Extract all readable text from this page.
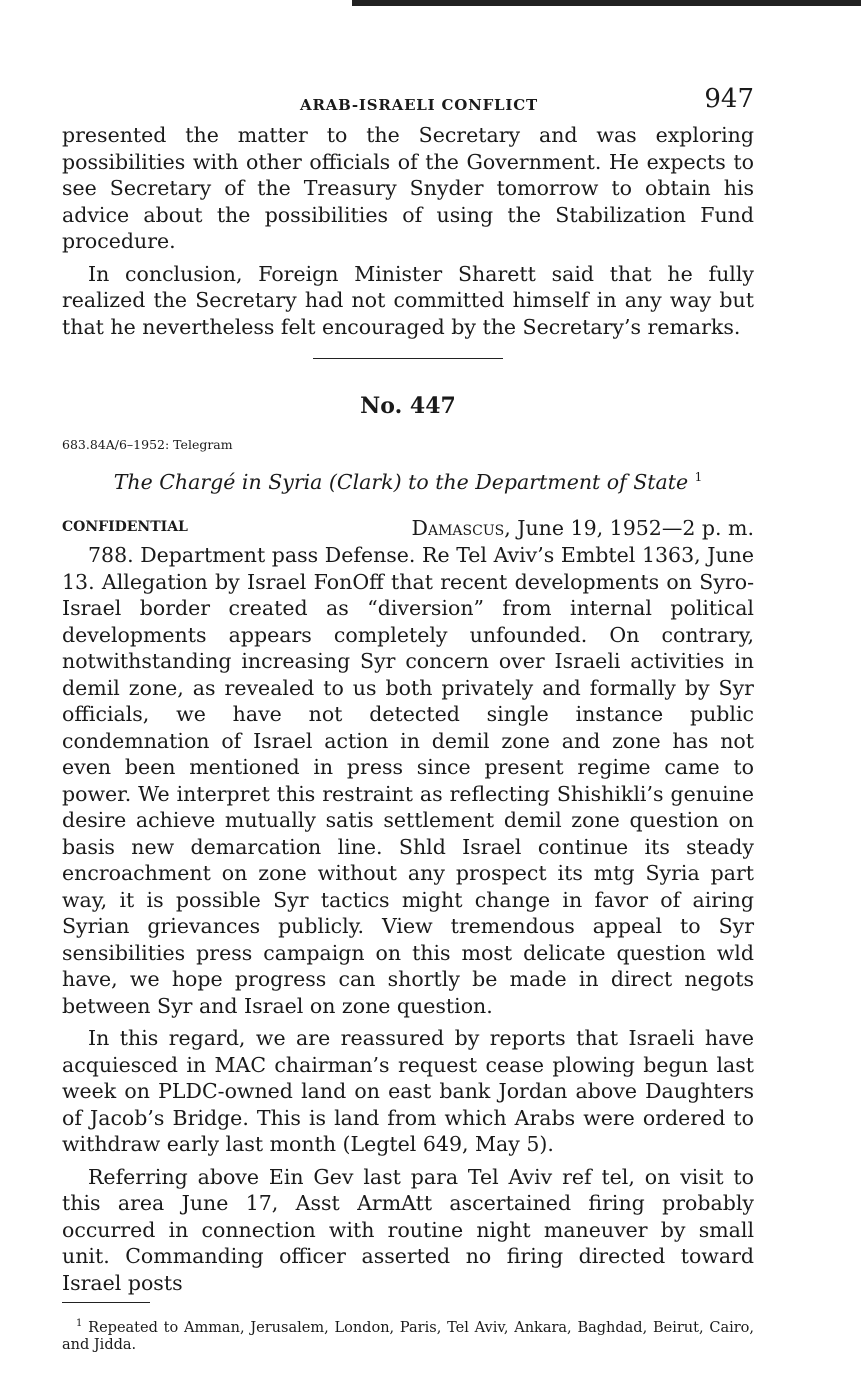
ARAB-ISRAELI CONFLICT	947

presented the matter to the Secretary and was exploring possibilities with other officials of the Government. He expects to see Secretary of the Treasury Snyder tomorrow to obtain his advice about the possibilities of using the Stabilization Fund procedure.

In conclusion, Foreign Minister Sharett said that he fully realized the Secretary had not committed himself in any way but that he nevertheless felt encouraged by the Secretary’s remarks.

No. 447
683.84A/6–1952: Telegram
The Chargé in Syria (Clark) to the Department of State $^1$
CONFIDENTIAL	Damascus, June 19, 1952—2 p. m.

788. Department pass Defense. Re Tel Aviv’s Embtel 1363, June 13. Allegation by Israel FonOff that recent developments on Syro-Israel border created as “diversion” from internal political developments appears completely unfounded. On contrary, notwithstanding increasing Syr concern over Israeli activities in demil zone, as revealed to us both privately and formally by Syr officials, we have not detected single instance public condemnation of Israel action in demil zone and zone has not even been mentioned in press since present regime came to power. We interpret this restraint as reflecting Shishikli’s genuine desire achieve mutually satis settlement demil zone question on basis new demarcation line. Shld Israel continue its steady encroachment on zone without any prospect its mtg Syria part way, it is possible Syr tactics might change in favor of airing Syrian grievances publicly. View tremendous appeal to Syr sensibilities press campaign on this most delicate question wld have, we hope progress can shortly be made in direct negots between Syr and Israel on zone question.

In this regard, we are reassured by reports that Israeli have acquiesced in MAC chairman’s request cease plowing begun last week on PLDC-owned land on east bank Jordan above Daughters of Jacob’s Bridge. This is land from which Arabs were ordered to withdraw early last month (Legtel 649, May 5).

Referring above Ein Gev last para Tel Aviv ref tel, on visit to this area June 17, Asst ArmAtt ascertained firing probably occurred in connection with routine night maneuver by small unit. Commanding officer asserted no firing directed toward Israel posts

$^1$ Repeated to Amman, Jerusalem, London, Paris, Tel Aviv, Ankara, Baghdad, Beirut, Cairo, and Jidda.
